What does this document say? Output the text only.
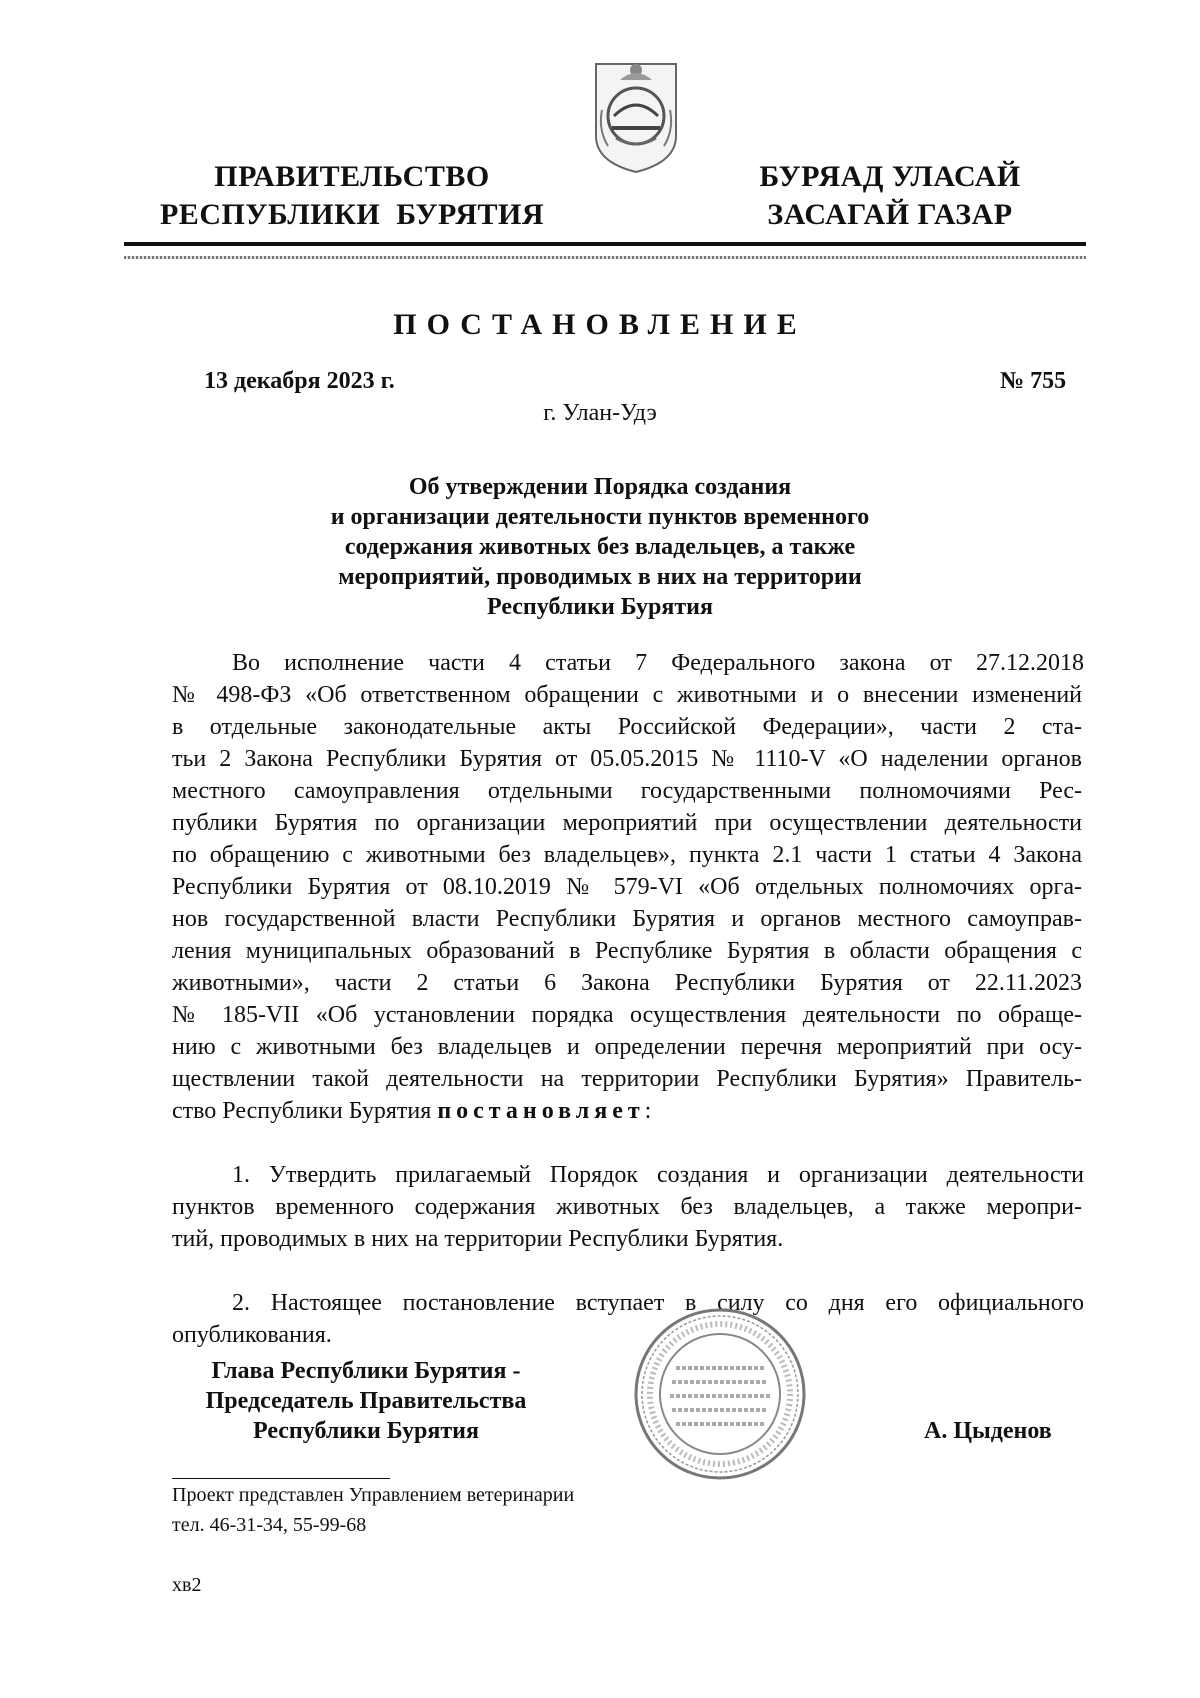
ПРАВИТЕЛЬСТВО
РЕСПУБЛИКИ  БУРЯТИЯ
БУРЯАД УЛАСАЙ
ЗАСАГАЙ ГАЗАР
ПОСТАНОВЛЕНИЕ
13 декабря 2023 г.	№ 755
г. Улан-Удэ
Об утверждении Порядка создания
и организации деятельности пунктов временного
содержания животных без владельцев, а также
мероприятий, проводимых в них на территории
Республики Бурятия
Во исполнение части 4 статьи 7 Федерального закона от 27.12.2018
№ 498-ФЗ «Об ответственном обращении с животными и о внесении изменений
в отдельные законодательные акты Российской Федерации», части 2 ста-
тьи 2 Закона Республики Бурятия от 05.05.2015 № 1110-V «О наделении органов
местного самоуправления отдельными государственными полномочиями Рес-
публики Бурятия по организации мероприятий при осуществлении деятельности
по обращению с животными без владельцев», пункта 2.1 части 1 статьи 4 Закона
Республики Бурятия от 08.10.2019 № 579-VI «Об отдельных полномочиях орга-
нов государственной власти Республики Бурятия и органов местного самоуправ-
ления муниципальных образований в Республике Бурятия в области обращения с
животными», части 2 статьи 6 Закона Республики Бурятия от 22.11.2023
№ 185-VII «Об установлении порядка осуществления деятельности по обраще-
нию с животными без владельцев и определении перечня мероприятий при осу-
ществлении такой деятельности на территории Республики Бурятия» Правитель-
ство Республики Бурятия постановляет:
1. Утвердить прилагаемый Порядок создания и организации деятельности
пунктов временного содержания животных без владельцев, а также меропри-
тий, проводимых в них на территории Республики Бурятия.
2. Настоящее постановление вступает в силу со дня его официального
опубликования.
Глава Республики Бурятия -
Председатель Правительства
Республики Бурятия	А. Цыденов
Проект представлен Управлением ветеринарии
тел. 46-31-34, 55-99-68
хв2
